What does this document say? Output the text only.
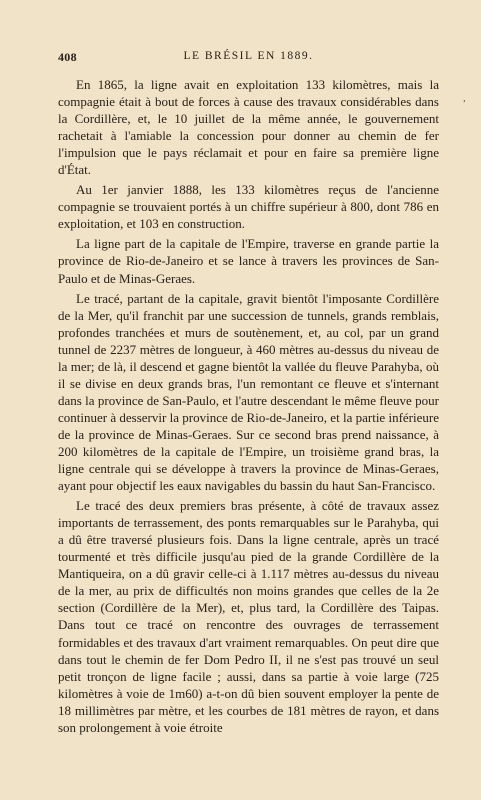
408	LE BRÉSIL EN 1889.
,

En 1865, la ligne avait en exploitation 133 kilomètres, mais la compagnie était à bout de forces à cause des travaux considérables dans la Cordillère, et, le 10 juillet de la même année, le gouvernement rachetait à l'amiable la concession pour donner au chemin de fer l'impulsion que le pays réclamait et pour en faire sa première ligne d'État.

Au 1er janvier 1888, les 133 kilomètres reçus de l'ancienne compagnie se trouvaient portés à un chiffre supérieur à 800, dont 786 en exploitation, et 103 en construction.

La ligne part de la capitale de l'Empire, traverse en grande partie la province de Rio-de-Janeiro et se lance à travers les provinces de San-Paulo et de Minas-Geraes.

Le tracé, partant de la capitale, gravit bientôt l'imposante Cordillère de la Mer, qu'il franchit par une succession de tunnels, grands remblais, profondes tranchées et murs de soutènement, et, au col, par un grand tunnel de 2237 mètres de longueur, à 460 mètres au-dessus du niveau de la mer; de là, il descend et gagne bientôt la vallée du fleuve Parahyba, où il se divise en deux grands bras, l'un remontant ce fleuve et s'internant dans la province de San-Paulo, et l'autre descendant le même fleuve pour continuer à desservir la province de Rio-de-Janeiro, et la partie inférieure de la province de Minas-Geraes. Sur ce second bras prend naissance, à 200 kilomètres de la capitale de l'Empire, un troisième grand bras, la ligne centrale qui se développe à travers la province de Minas-Geraes, ayant pour objectif les eaux navigables du bassin du haut San-Francisco.

Le tracé des deux premiers bras présente, à côté de travaux assez importants de terrassement, des ponts remarquables sur le Parahyba, qui a dû être traversé plusieurs fois. Dans la ligne centrale, après un tracé tourmenté et très difficile jusqu'au pied de la grande Cordillère de la Mantiqueira, on a dû gravir celle-ci à 1.117 mètres au-dessus du niveau de la mer, au prix de difficultés non moins grandes que celles de la 2e section (Cordillère de la Mer), et, plus tard, la Cordillère des Taipas. Dans tout ce tracé on rencontre des ouvrages de terrassement formidables et des travaux d'art vraiment remarquables. On peut dire que dans tout le chemin de fer Dom Pedro II, il ne s'est pas trouvé un seul petit tronçon de ligne facile ; aussi, dans sa partie à voie large (725 kilomètres à voie de 1m60) a-t-on dû bien souvent employer la pente de 18 millimètres par mètre, et les courbes de 181 mètres de rayon, et dans son prolongement à voie étroite
